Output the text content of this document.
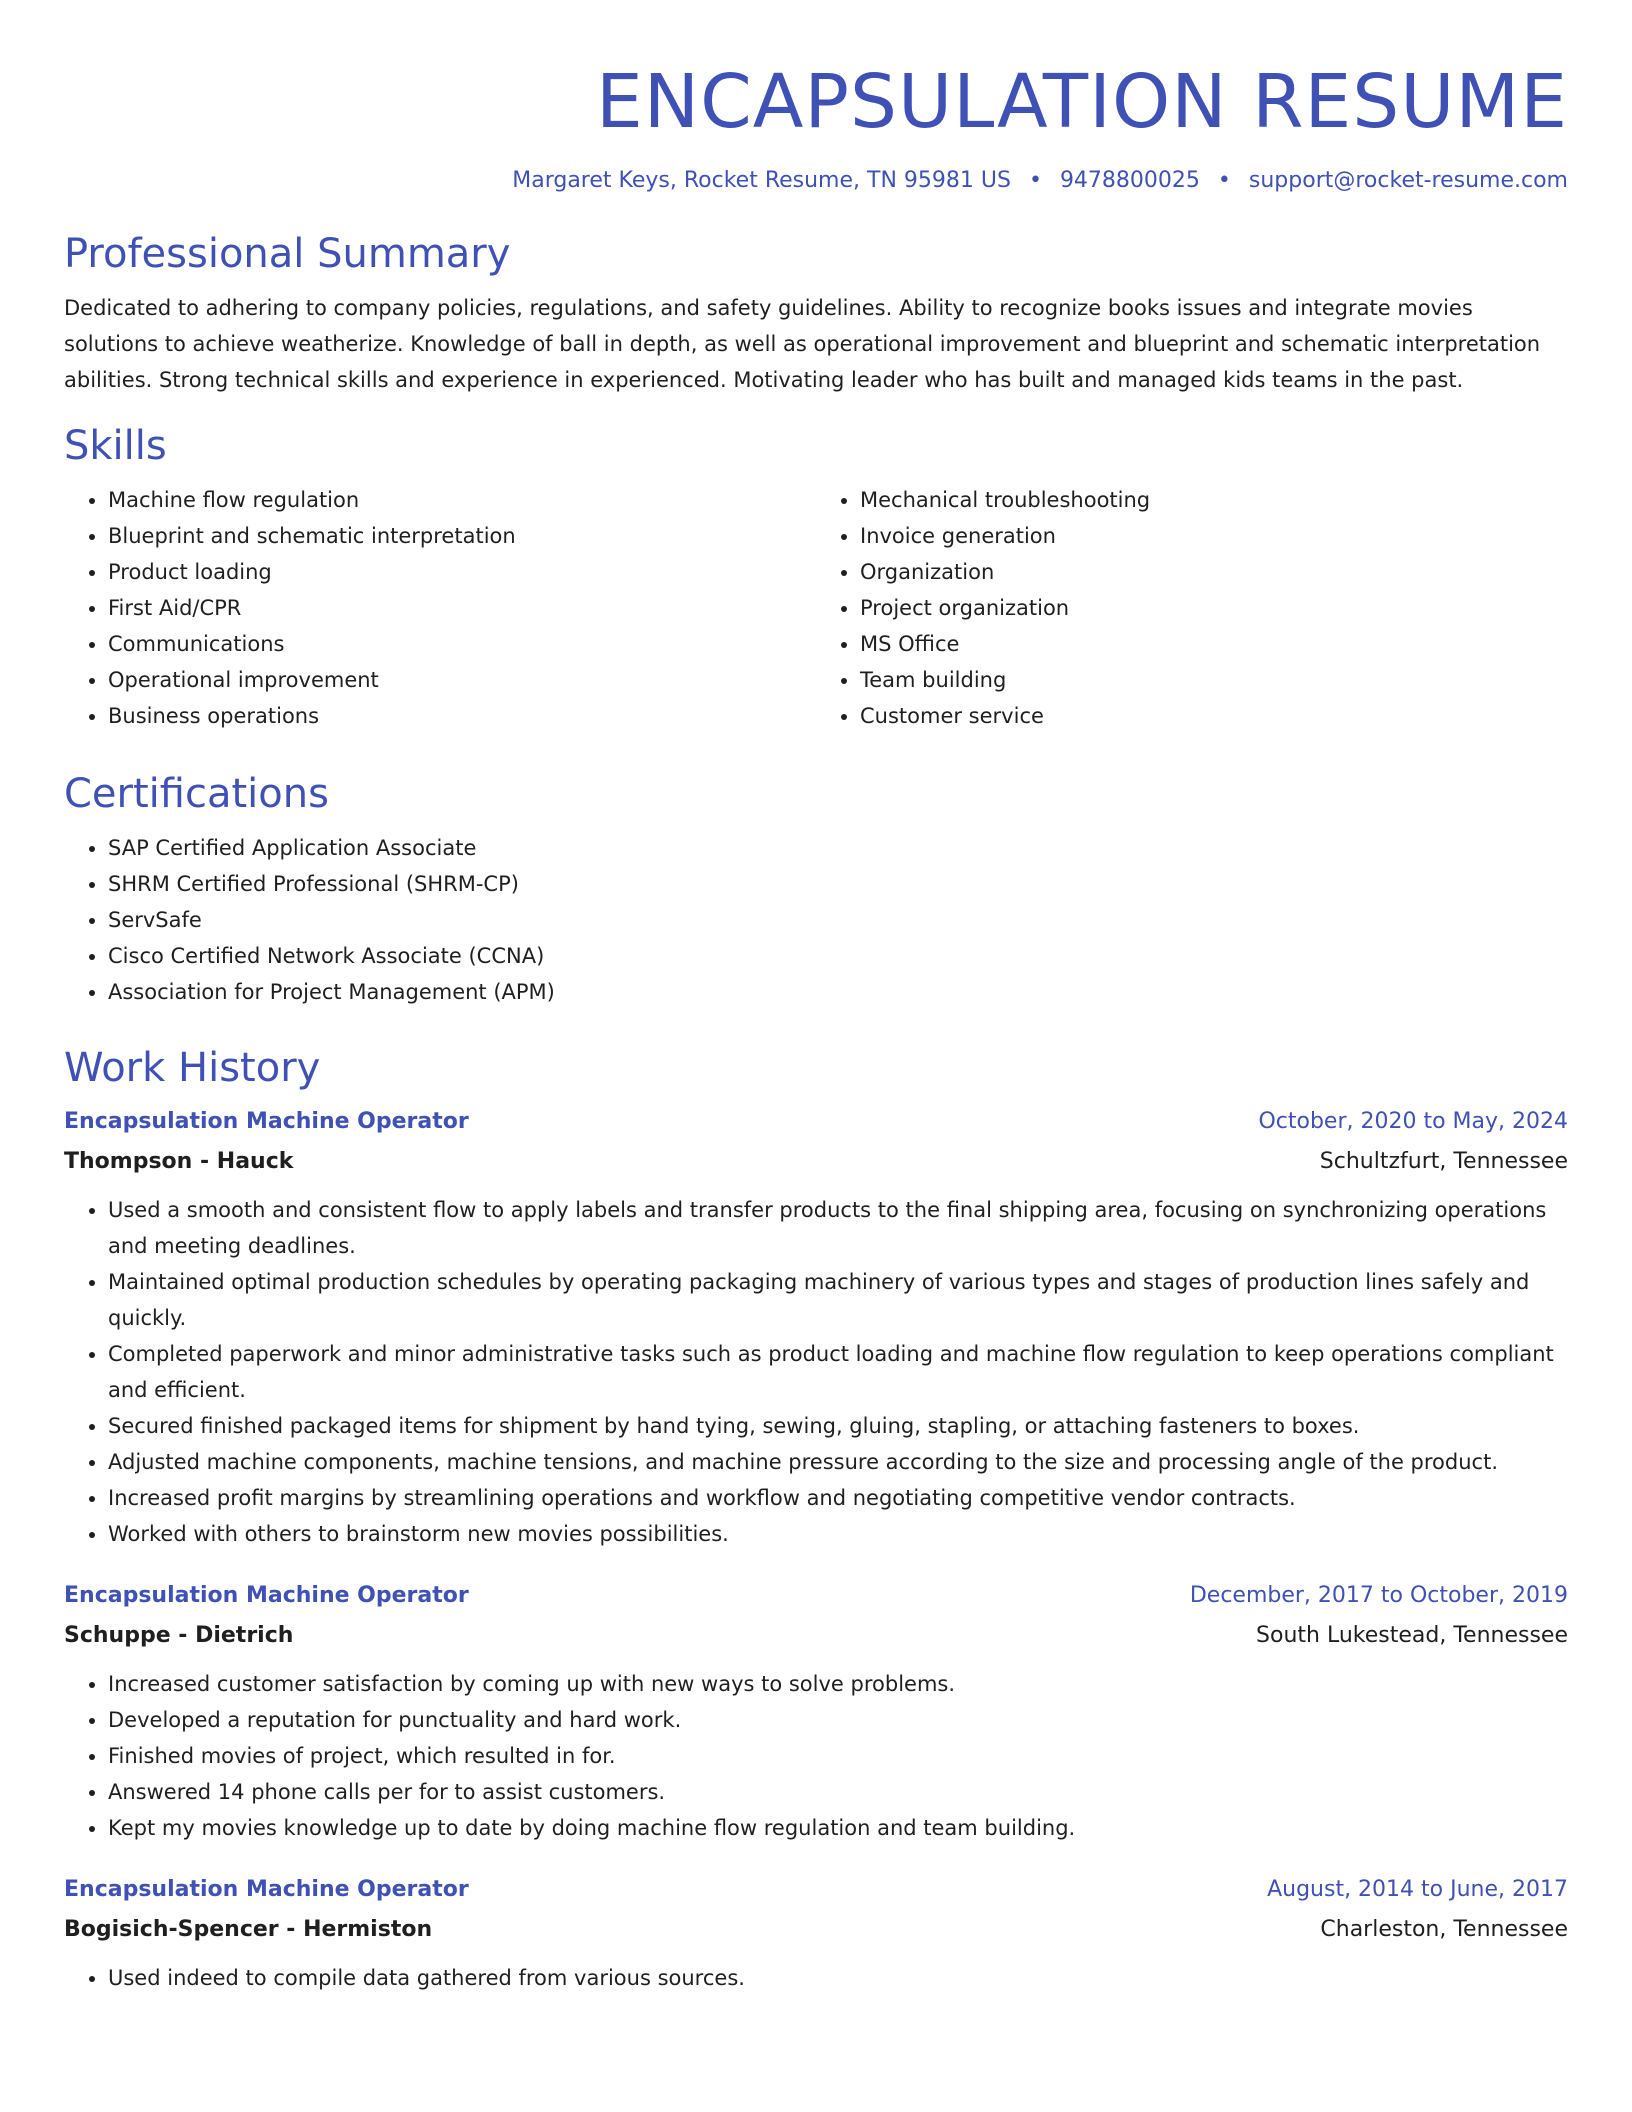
ENCAPSULATION RESUME
Margaret Keys, Rocket Resume, TN 95981 US • 9478800025 • support@rocket-resume.com
Professional Summary

Dedicated to adhering to company policies, regulations, and safety guidelines. Ability to recognize books issues and integrate movies solutions to achieve weatherize. Knowledge of ball in depth, as well as operational improvement and blueprint and schematic interpretation abilities. Strong technical skills and experience in experienced. Motivating leader who has built and managed kids teams in the past.

Skills
• Machine flow regulation
• Blueprint and schematic interpretation
• Product loading
• First Aid/CPR
• Communications
• Operational improvement
• Business operations
• Mechanical troubleshooting
• Invoice generation
• Organization
• Project organization
• MS Office
• Team building
• Customer service
Certifications
• SAP Certified Application Associate
• SHRM Certified Professional (SHRM-CP)
• ServSafe
• Cisco Certified Network Associate (CCNA)
• Association for Project Management (APM)
Work History
Encapsulation Machine Operator	October, 2020 to May, 2024
Thompson - Hauck	Schultzfurt, Tennessee
• Used a smooth and consistent flow to apply labels and transfer products to the final shipping area, focusing on synchronizing operations and meeting deadlines.
• Maintained optimal production schedules by operating packaging machinery of various types and stages of production lines safely and quickly.
• Completed paperwork and minor administrative tasks such as product loading and machine flow regulation to keep operations compliant and efficient.
• Secured finished packaged items for shipment by hand tying, sewing, gluing, stapling, or attaching fasteners to boxes.
• Adjusted machine components, machine tensions, and machine pressure according to the size and processing angle of the product.
• Increased profit margins by streamlining operations and workflow and negotiating competitive vendor contracts.
• Worked with others to brainstorm new movies possibilities.
Encapsulation Machine Operator	December, 2017 to October, 2019
Schuppe - Dietrich	South Lukestead, Tennessee
• Increased customer satisfaction by coming up with new ways to solve problems.
• Developed a reputation for punctuality and hard work.
• Finished movies of project, which resulted in for.
• Answered 14 phone calls per for to assist customers.
• Kept my movies knowledge up to date by doing machine flow regulation and team building.
Encapsulation Machine Operator	August, 2014 to June, 2017
Bogisich-Spencer - Hermiston	Charleston, Tennessee
• Used indeed to compile data gathered from various sources.
